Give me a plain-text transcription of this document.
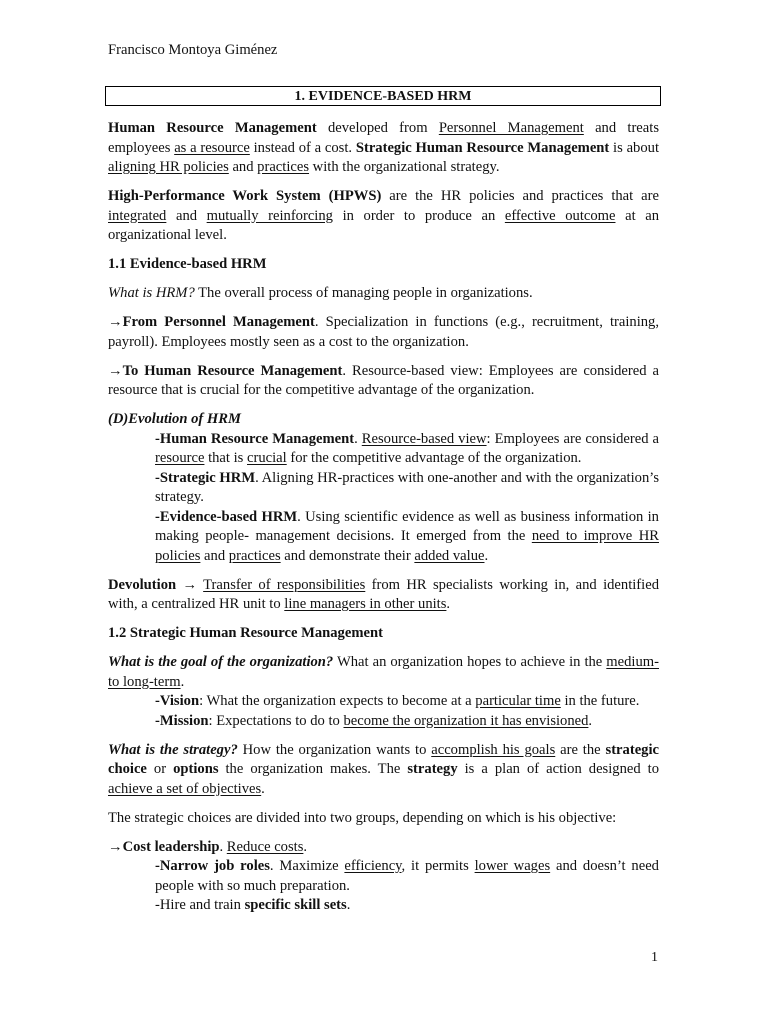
Francisco Montoya Giménez
1. EVIDENCE-BASED HRM

Human Resource Management developed from Personnel Management and treats employees as a resource instead of a cost. Strategic Human Resource Management is about aligning HR policies and practices with the organizational strategy.

High-Performance Work System (HPWS) are the HR policies and practices that are integrated and mutually reinforcing in order to produce an effective outcome at an organizational level.

1.1 Evidence-based HRM

What is HRM? The overall process of managing people in organizations.

→From Personnel Management. Specialization in functions (e.g., recruitment, training, payroll). Employees mostly seen as a cost to the organization.

→To Human Resource Management. Resource-based view: Employees are considered a resource that is crucial for the competitive advantage of the organization.

(D)Evolution of HRM

-Human Resource Management. Resource-based view: Employees are considered a resource that is crucial for the competitive advantage of the organization.

-Strategic HRM. Aligning HR-practices with one-another and with the organization’s strategy.

-Evidence-based HRM. Using scientific evidence as well as business information in making people- management decisions. It emerged from the need to improve HR policies and practices and demonstrate their added value.

Devolution → Transfer of responsibilities from HR specialists working in, and identified with, a centralized HR unit to line managers in other units.

1.2 Strategic Human Resource Management

What is the goal of the organization? What an organization hopes to achieve in the medium-to long-term.

-Vision: What the organization expects to become at a particular time in the future.

-Mission: Expectations to do to become the organization it has envisioned.

What is the strategy? How the organization wants to accomplish his goals are the strategic choice or options the organization makes. The strategy is a plan of action designed to achieve a set of objectives.

The strategic choices are divided into two groups, depending on which is his objective:

→Cost leadership. Reduce costs.

-Narrow job roles. Maximize efficiency, it permits lower wages and doesn’t need people with so much preparation.

-Hire and train specific skill sets.

1
